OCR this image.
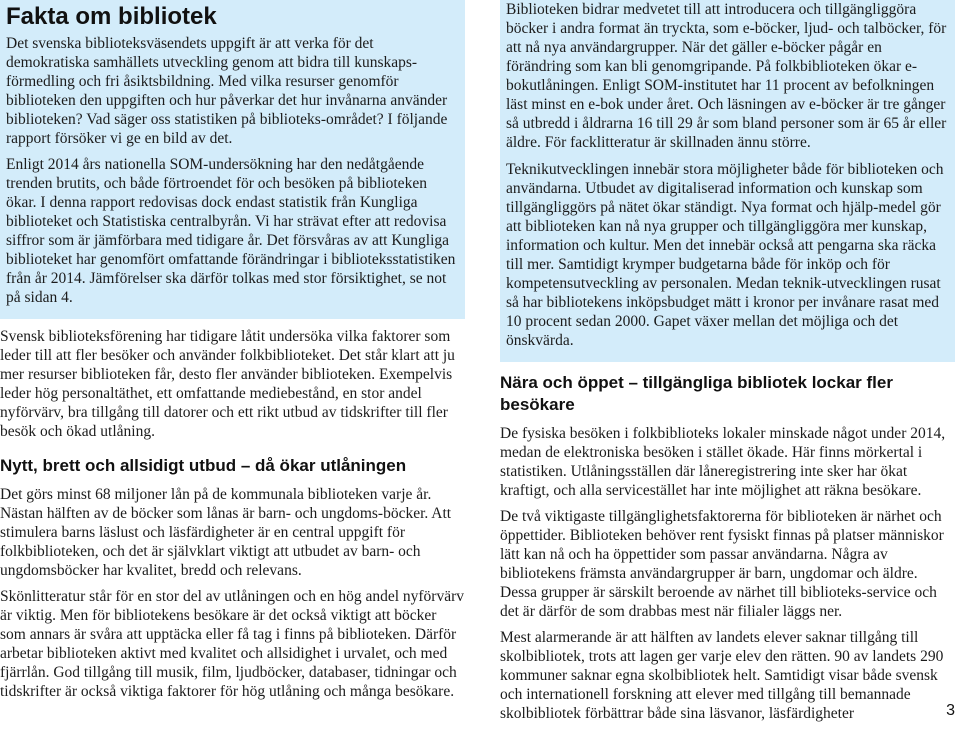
Fakta om bibliotek

Det svenska biblioteksväsendets uppgift är att verka för det demokratiska samhällets utveckling genom att bidra till kunskaps-förmedling och fri åsiktsbildning. Med vilka resurser genomför biblioteken den uppgiften och hur påverkar det hur invånarna använder biblioteken? Vad säger oss statistiken på biblioteks-området? I följande rapport försöker vi ge en bild av det.

Enligt 2014 års nationella SOM-undersökning har den nedåtgående trenden brutits, och både förtroendet för och besöken på biblioteken ökar. I denna rapport redovisas dock endast statistik från Kungliga biblioteket och Statistiska centralbyrån. Vi har strävat efter att redovisa siffror som är jämförbara med tidigare år. Det försvåras av att Kungliga biblioteket har genomfört omfattande förändringar i biblioteksstatistiken från år 2014. Jämförelser ska därför tolkas med stor försiktighet, se not på sidan 4.

Svensk biblioteksförening har tidigare låtit undersöka vilka faktorer som leder till att fler besöker och använder folkbiblioteket. Det står klart att ju mer resurser biblioteken får, desto fler använder biblioteken. Exempelvis leder hög personaltäthet, ett omfattande mediebestånd, en stor andel nyförvärv, bra tillgång till datorer och ett rikt utbud av tidskrifter till fler besök och ökad utlåning.

Nytt, brett och allsidigt utbud – då ökar utlåningen

Det görs minst 68 miljoner lån på de kommunala biblioteken varje år. Nästan hälften av de böcker som lånas är barn- och ungdoms-böcker. Att stimulera barns läslust och läsfärdigheter är en central uppgift för folkbiblioteken, och det är självklart viktigt att utbudet av barn- och ungdomsböcker har kvalitet, bredd och relevans.

Skönlitteratur står för en stor del av utlåningen och en hög andel nyförvärv är viktig. Men för bibliotekens besökare är det också viktigt att böcker som annars är svåra att upptäcka eller få tag i finns på biblioteken. Därför arbetar biblioteken aktivt med kvalitet och allsidighet i urvalet, och med fjärrlån. God tillgång till musik, film, ljudböcker, databaser, tidningar och tidskrifter är också viktiga faktorer för hög utlåning och många besökare.

Biblioteken bidrar medvetet till att introducera och tillgängliggöra böcker i andra format än tryckta, som e-böcker, ljud- och talböcker, för att nå nya användargrupper. När det gäller e-böcker pågår en förändring som kan bli genomgripande. På folkbiblioteken ökar e-bokutlåningen. Enligt SOM-institutet har 11 procent av befolkningen läst minst en e-bok under året. Och läsningen av e-böcker är tre gånger så utbredd i åldrarna 16 till 29 år som bland personer som är 65 år eller äldre. För facklitteratur är skillnaden ännu större.

Teknikutvecklingen innebär stora möjligheter både för biblioteken och användarna. Utbudet av digitaliserad information och kunskap som tillgängliggörs på nätet ökar ständigt. Nya format och hjälp-medel gör att biblioteken kan nå nya grupper och tillgängliggöra mer kunskap, information och kultur. Men det innebär också att pengarna ska räcka till mer. Samtidigt krymper budgetarna både för inköp och för kompetensutveckling av personalen. Medan teknik-utvecklingen rusat så har bibliotekens inköpsbudget mätt i kronor per invånare rasat med 10 procent sedan 2000. Gapet växer mellan det möjliga och det önskvärda.

Nära och öppet – tillgängliga bibliotek lockar fler besökare

De fysiska besöken i folkbiblioteks lokaler minskade något under 2014, medan de elektroniska besöken i stället ökade. Här finns mörkertal i statistiken. Utlåningsställen där låneregistrering inte sker har ökat kraftigt, och alla servicestället har inte möjlighet att räkna besökare.

De två viktigaste tillgänglighetsfaktorerna för biblioteken är närhet och öppettider. Biblioteken behöver rent fysiskt finnas på platser människor lätt kan nå och ha öppettider som passar användarna. Några av bibliotekens främsta användargrupper är barn, ungdomar och äldre. Dessa grupper är särskilt beroende av närhet till biblioteks-service och det är därför de som drabbas mest när filialer läggs ner.

Mest alarmerande är att hälften av landets elever saknar tillgång till skolbibliotek, trots att lagen ger varje elev den rätten. 90 av landets 290 kommuner saknar egna skolbibliotek helt. Samtidigt visar både svensk och internationell forskning att elever med tillgång till bemannade skolbibliotek förbättrar både sina läsvanor, läsfärdigheter	3
